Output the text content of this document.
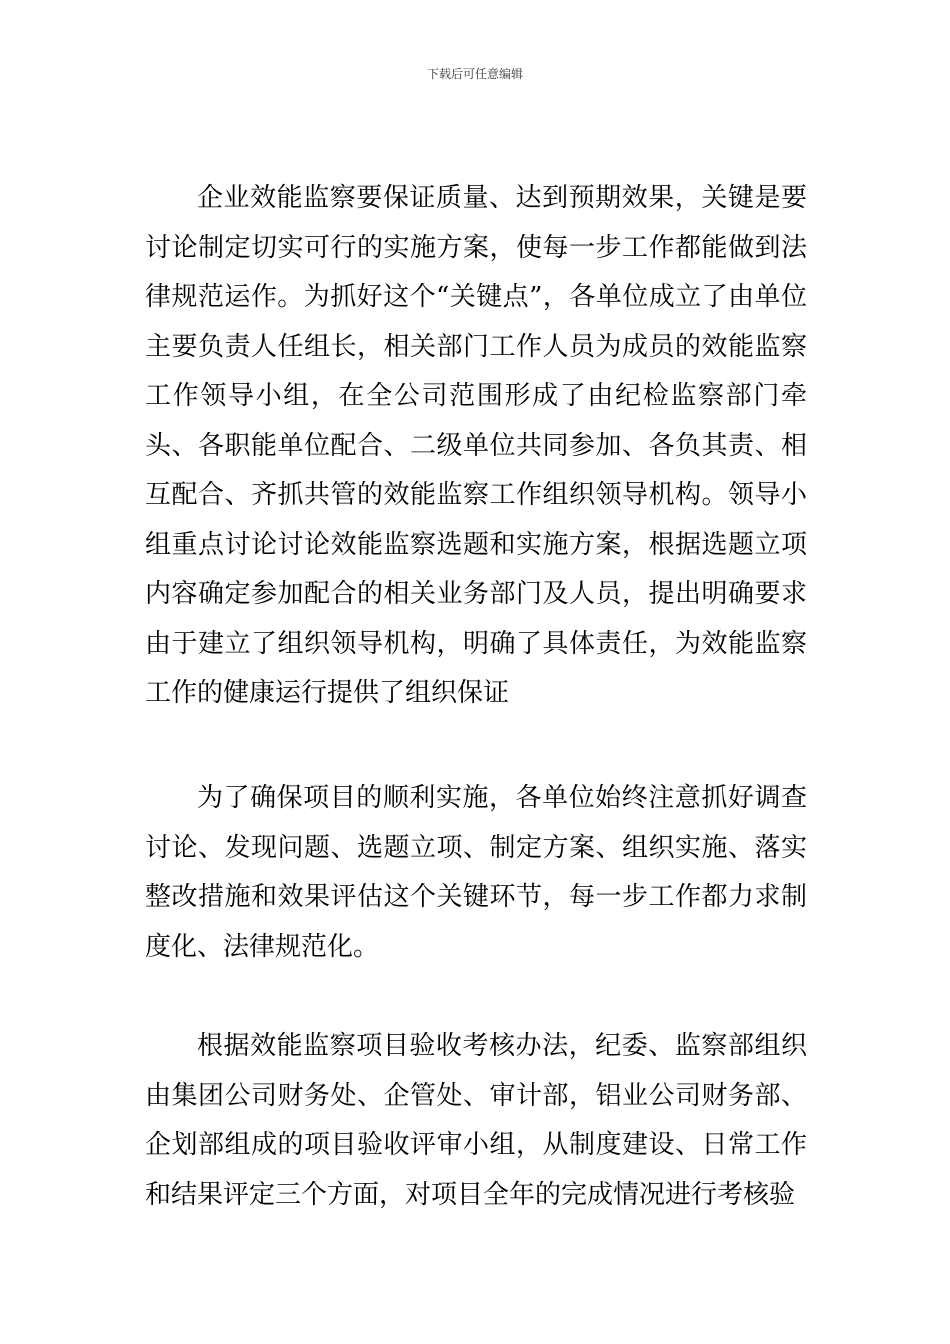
下载后可任意编辑

企业效能监察要保证质量、达到预期效果，关键是要讨论制定切实可行的实施方案，使每一步工作都能做到法律规范运作。为抓好这个“关键点”，各单位成立了由单位主要负责人任组长，相关部门工作人员为成员的效能监察工作领导小组，在全公司范围形成了由纪检监察部门牵头、各职能单位配合、二级单位共同参加、各负其责、相互配合、齐抓共管的效能监察工作组织领导机构。领导小组重点讨论讨论效能监察选题和实施方案，根据选题立项内容确定参加配合的相关业务部门及人员，提出明确要求由于建立了组织领导机构，明确了具体责任，为效能监察工作的健康运行提供了组织保证

为了确保项目的顺利实施，各单位始终注意抓好调查讨论、发现问题、选题立项、制定方案、组织实施、落实整改措施和效果评估这个关键环节，每一步工作都力求制度化、法律规范化。

根据效能监察项目验收考核办法，纪委、监察部组织由集团公司财务处、企管处、审计部，铝业公司财务部、企划部组成的项目验收评审小组，从制度建设、日常工作和结果评定三个方面，对项目全年的完成情况进行考核验
